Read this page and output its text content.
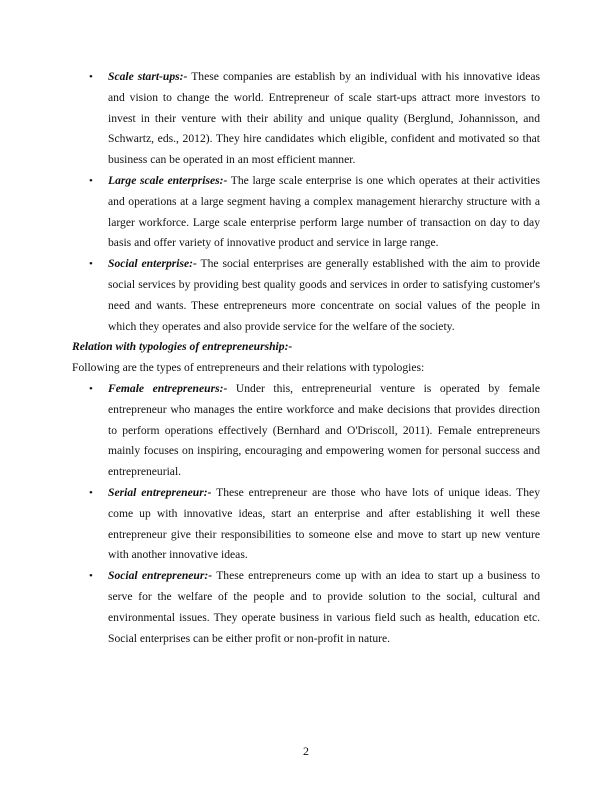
• Scale start-ups:- These companies are establish by an individual with his innovative ideas and vision to change the world. Entrepreneur of scale start-ups attract more investors to invest in their venture with their ability and unique quality (Berglund, Johannisson, and Schwartz, eds., 2012). They hire candidates which eligible, confident and motivated so that business can be operated in an most efficient manner.
• Large scale enterprises:- The large scale enterprise is one which operates at their activities and operations at a large segment having a complex management hierarchy structure with a larger workforce. Large scale enterprise perform large number of transaction on day to day basis and offer variety of innovative product and service in large range.
• Social enterprise:- The social enterprises are generally established with the aim to provide social services by providing best quality goods and services in order to satisfying customer's need and wants. These entrepreneurs more concentrate on social values of the people in which they operates and also provide service for the welfare of the society.

Relation with typologies of entrepreneurship:-

Following are the types of entrepreneurs and their relations with typologies:

• Female entrepreneurs:- Under this, entrepreneurial venture is operated by female entrepreneur who manages the entire workforce and make decisions that provides direction to perform operations effectively (Bernhard and O'Driscoll, 2011). Female entrepreneurs mainly focuses on inspiring, encouraging and empowering women for personal success and entrepreneurial.
• Serial entrepreneur:- These entrepreneur are those who have lots of unique ideas. They come up with innovative ideas, start an enterprise and after establishing it well these entrepreneur give their responsibilities to someone else and move to start up new venture with another innovative ideas.
• Social entrepreneur:- These entrepreneurs come up with an idea to start up a business to serve for the welfare of the people and to provide solution to the social, cultural and environmental issues. They operate business in various field such as health, education etc. Social enterprises can be either profit or non-profit in nature.
2
